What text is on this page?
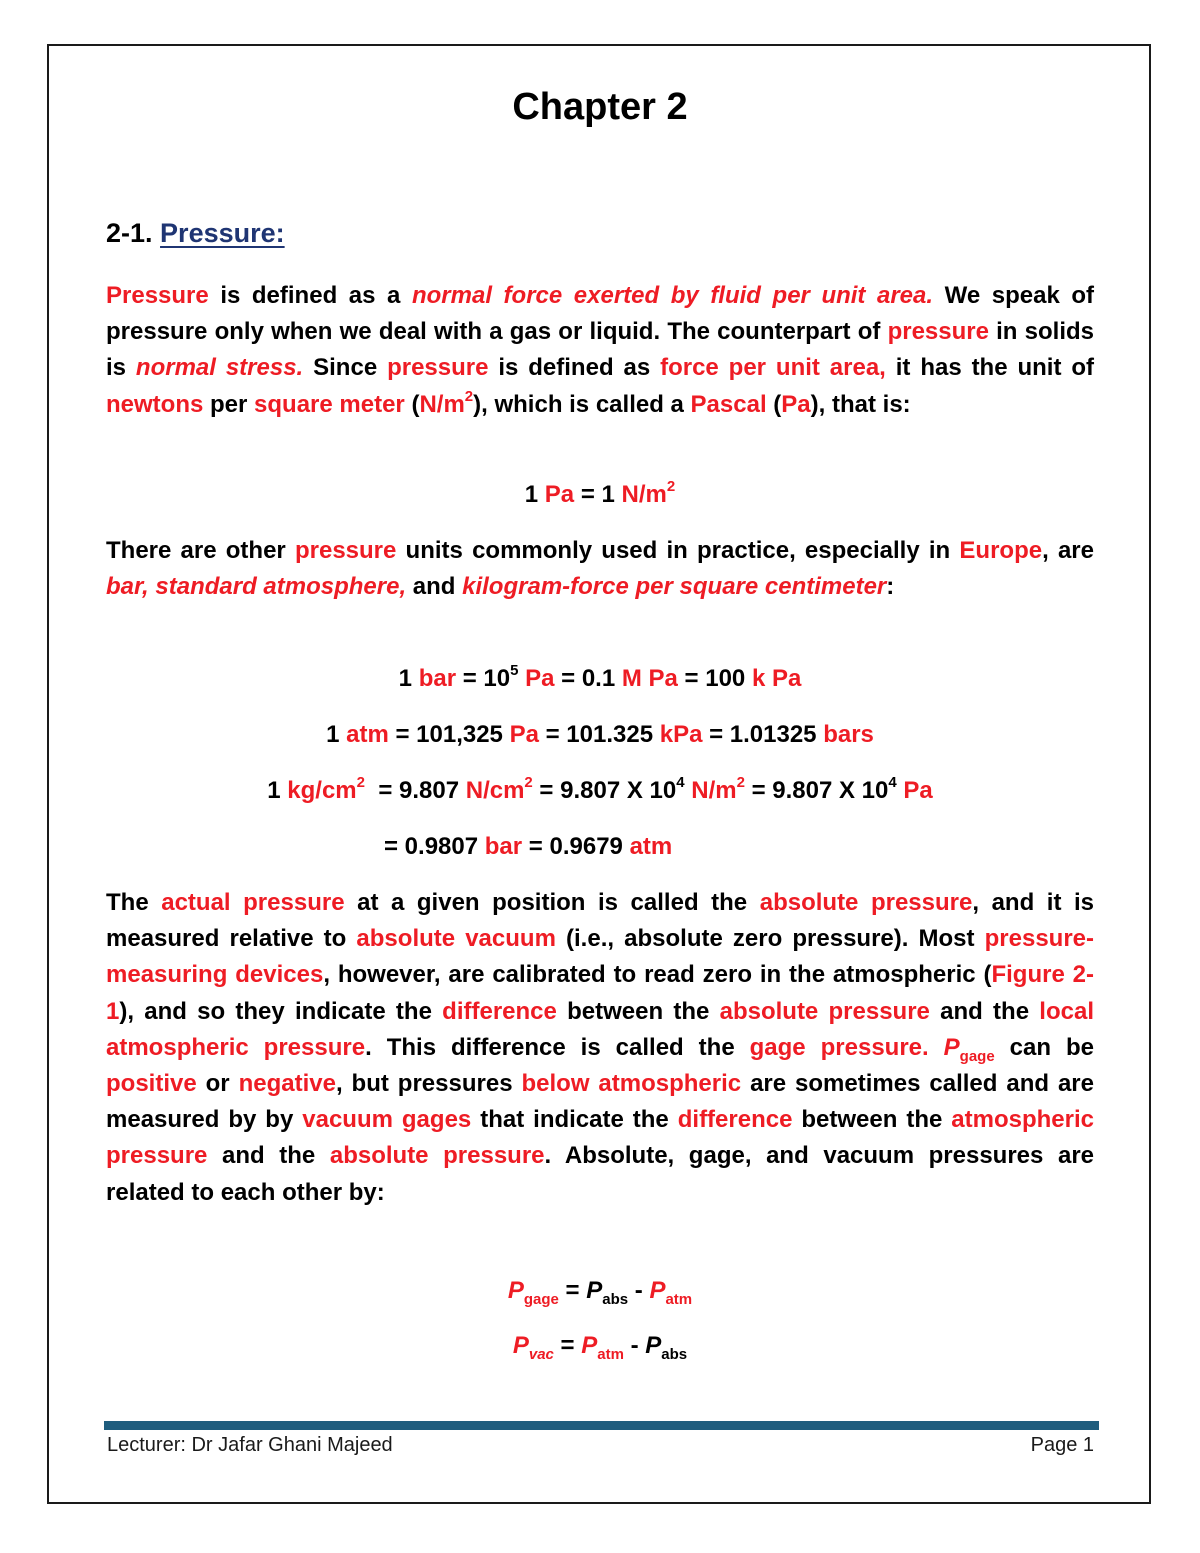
Chapter 2
2-1. Pressure:

Pressure is defined as a normal force exerted by fluid per unit area. We speak of pressure only when we deal with a gas or liquid. The counterpart of pressure in solids is normal stress. Since pressure is defined as force per unit area, it has the unit of newtons per square meter $(N/m^2)$, which is called a Pascal (Pa), that is:

1 Pa = 1 $N/m^2$

There are other pressure units commonly used in practice, especially in Europe, are bar, standard atmosphere, and kilogram-force per square centimeter:

1 bar = $10^5$ Pa = 0.1 M Pa = 100 k Pa

1 atm = 101,325 Pa = 101.325 kPa = 1.01325 bars

1 $kg/cm^2 = 9.807$ $N/cm^2 = 9.807$ X $10^4$ $N/m^2 = 9.807$ X $10^4$ Pa

= 0.9807 bar = 0.9679 atm

The actual pressure at a given position is called the absolute pressure, and it is measured relative to absolute vacuum (i.e., absolute zero pressure). Most pressure-measuring devices, however, are calibrated to read zero in the atmospheric (Figure 2-1), and so they indicate the difference between the absolute pressure and the local atmospheric pressure. This difference is called the gage pressure. $P_{gage}$ can be positive or negative, but pressures below atmospheric are sometimes called and are measured by by vacuum gages that indicate the difference between the atmospheric pressure and the absolute pressure. Absolute, gage, and vacuum pressures are related to each other by:

$P_{gage} = P_{abs} - P_{atm}$

$P_{vac} = P_{atm} - P_{abs}$

Lecturer: Dr Jafar Ghani Majeed	Page 1
